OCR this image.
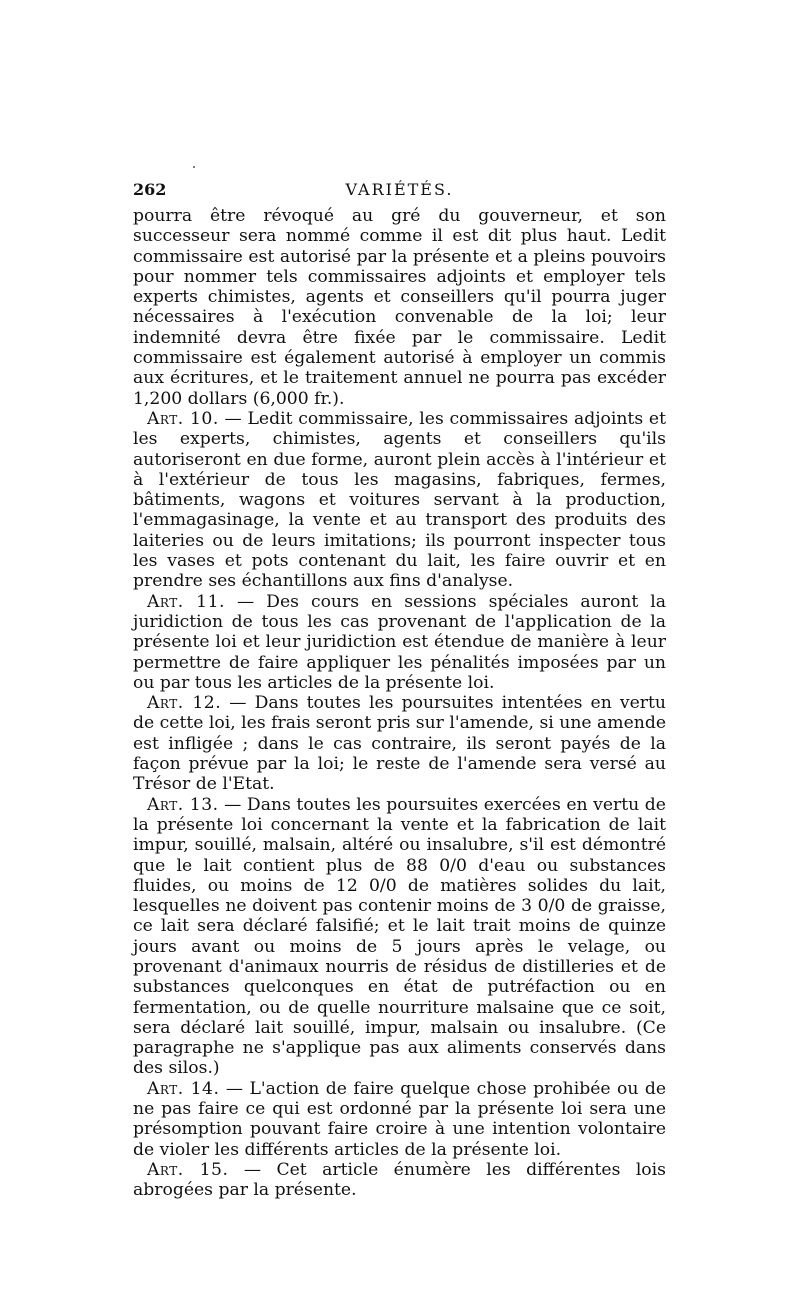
262	VARIÉTÉS.

pourra être révoqué au gré du gouverneur, et son successeur sera nommé comme il est dit plus haut. Ledit commissaire est autorisé par la présente et a pleins pouvoirs pour nommer tels commissaires adjoints et employer tels experts chimistes, agents et conseillers qu'il pourra juger nécessaires à l'exécution convenable de la loi; leur indemnité devra être fixée par le commissaire. Ledit commissaire est également autorisé à employer un commis aux écritures, et le traitement annuel ne pourra pas excéder 1,200 dollars (6,000 fr.).

Art. 10. — Ledit commissaire, les commissaires adjoints et les experts, chimistes, agents et conseillers qu'ils autoriseront en due forme, auront plein accès à l'intérieur et à l'extérieur de tous les magasins, fabriques, fermes, bâtiments, wagons et voitures servant à la production, l'emmagasinage, la vente et au transport des produits des laiteries ou de leurs imitations; ils pourront inspecter tous les vases et pots contenant du lait, les faire ouvrir et en prendre ses échantillons aux fins d'analyse.

Art. 11. — Des cours en sessions spéciales auront la juridiction de tous les cas provenant de l'application de la présente loi et leur juridiction est étendue de manière à leur permettre de faire appliquer les pénalités imposées par un ou par tous les articles de la présente loi.

Art. 12. — Dans toutes les poursuites intentées en vertu de cette loi, les frais seront pris sur l'amende, si une amende est infligée ; dans le cas contraire, ils seront payés de la façon prévue par la loi; le reste de l'amende sera versé au Trésor de l'Etat.

Art. 13. — Dans toutes les poursuites exercées en vertu de la présente loi concernant la vente et la fabrication de lait impur, souillé, malsain, altéré ou insalubre, s'il est démontré que le lait contient plus de 88 0/0 d'eau ou substances fluides, ou moins de 12 0/0 de matières solides du lait, lesquelles ne doivent pas contenir moins de 3 0/0 de graisse, ce lait sera déclaré falsifié; et le lait trait moins de quinze jours avant ou moins de 5 jours après le velage, ou provenant d'animaux nourris de résidus de distilleries et de substances quelconques en état de putréfaction ou en fermentation, ou de quelle nourriture malsaine que ce soit, sera déclaré lait souillé, impur, malsain ou insalubre. (Ce paragraphe ne s'applique pas aux aliments conservés dans des silos.)

Art. 14. — L'action de faire quelque chose prohibée ou de ne pas faire ce qui est ordonné par la présente loi sera une présomption pouvant faire croire à une intention volontaire de violer les différents articles de la présente loi.

Art. 15. — Cet article énumère les différentes lois abrogées par la présente.
